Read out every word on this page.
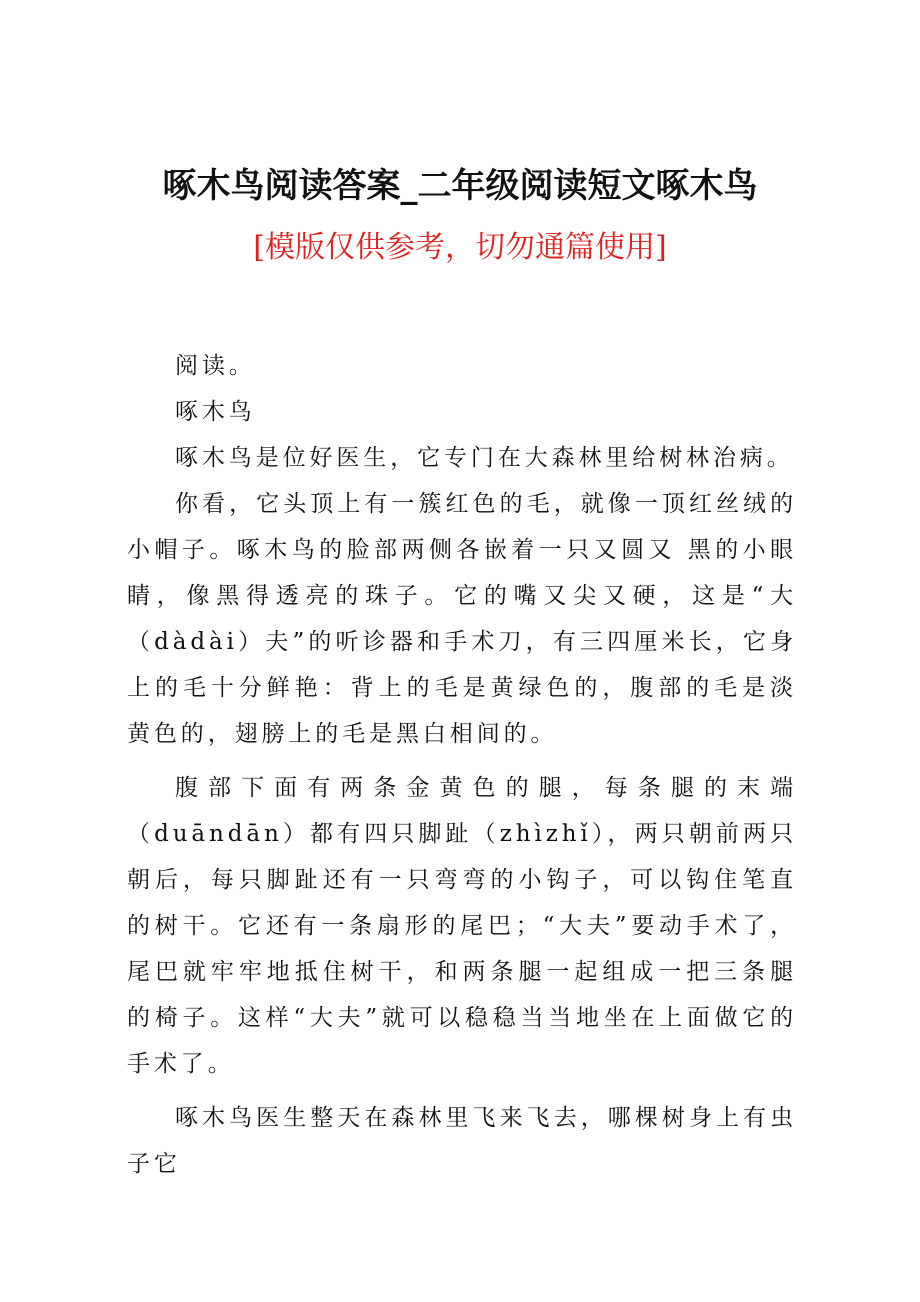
啄木鸟阅读答案_二年级阅读短文啄木鸟
[模版仅供参考，切勿通篇使用]

阅读。

啄木鸟

啄木鸟是位好医生，它专门在大森林里给树林治病。

你看，它头顶上有一簇红色的毛，就像一顶红丝绒的小帽子。啄木鸟的脸部两侧各嵌着一只又圆又 黑的小眼睛，像黑得透亮的珠子。它的嘴又尖又硬，这是“大（dàdài）夫”的听诊器和手术刀，有三四厘米长，它身上的毛十分鲜艳：背上的毛是黄绿色的，腹部的毛是淡黄色的，翅膀上的毛是黑白相间的。

腹部下面有两条金黄色的腿，每条腿的末端（duāndān）都有四只脚趾（zhìzhǐ），两只朝前两只朝后，每只脚趾还有一只弯弯的小钩子，可以钩住笔直的树干。它还有一条扇形的尾巴；“大夫”要动手术了，尾巴就牢牢地抵住树干，和两条腿一起组成一把三条腿的椅子。这样“大夫”就可以稳稳当当地坐在上面做它的手术了。

啄木鸟医生整天在森林里飞来飞去，哪棵树身上有虫子它
